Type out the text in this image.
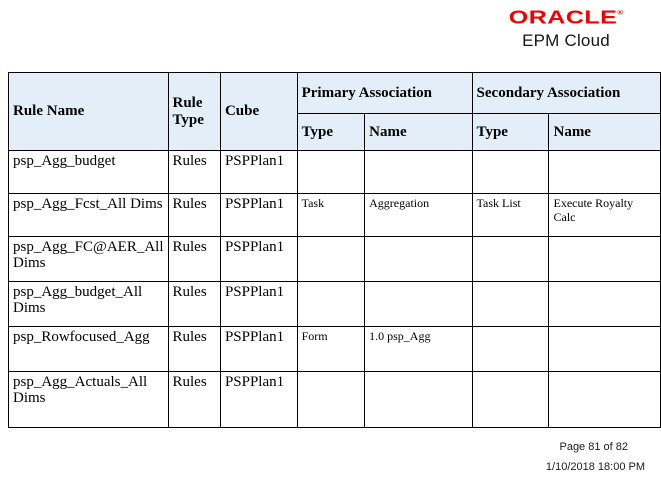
ORACLE®
EPM Cloud
Rule Name	Rule Type	Cube	Primary Association		Secondary Association	
			Type	Name	Type	Name
psp_Agg_budget	Rules	PSPPlan1				
psp_Agg_Fcst_All Dims	Rules	PSPPlan1	Task	Aggregation	Task List	Execute Royalty Calc
psp_Agg_FC@AER_All Dims	Rules	PSPPlan1				
psp_Agg_budget_All Dims	Rules	PSPPlan1				
psp_Rowfocused_Agg	Rules	PSPPlan1	Form	1.0 psp_Agg		
psp_Agg_Actuals_All Dims	Rules	PSPPlan1				
Page 81 of 82
1/10/2018 18:00 PM
